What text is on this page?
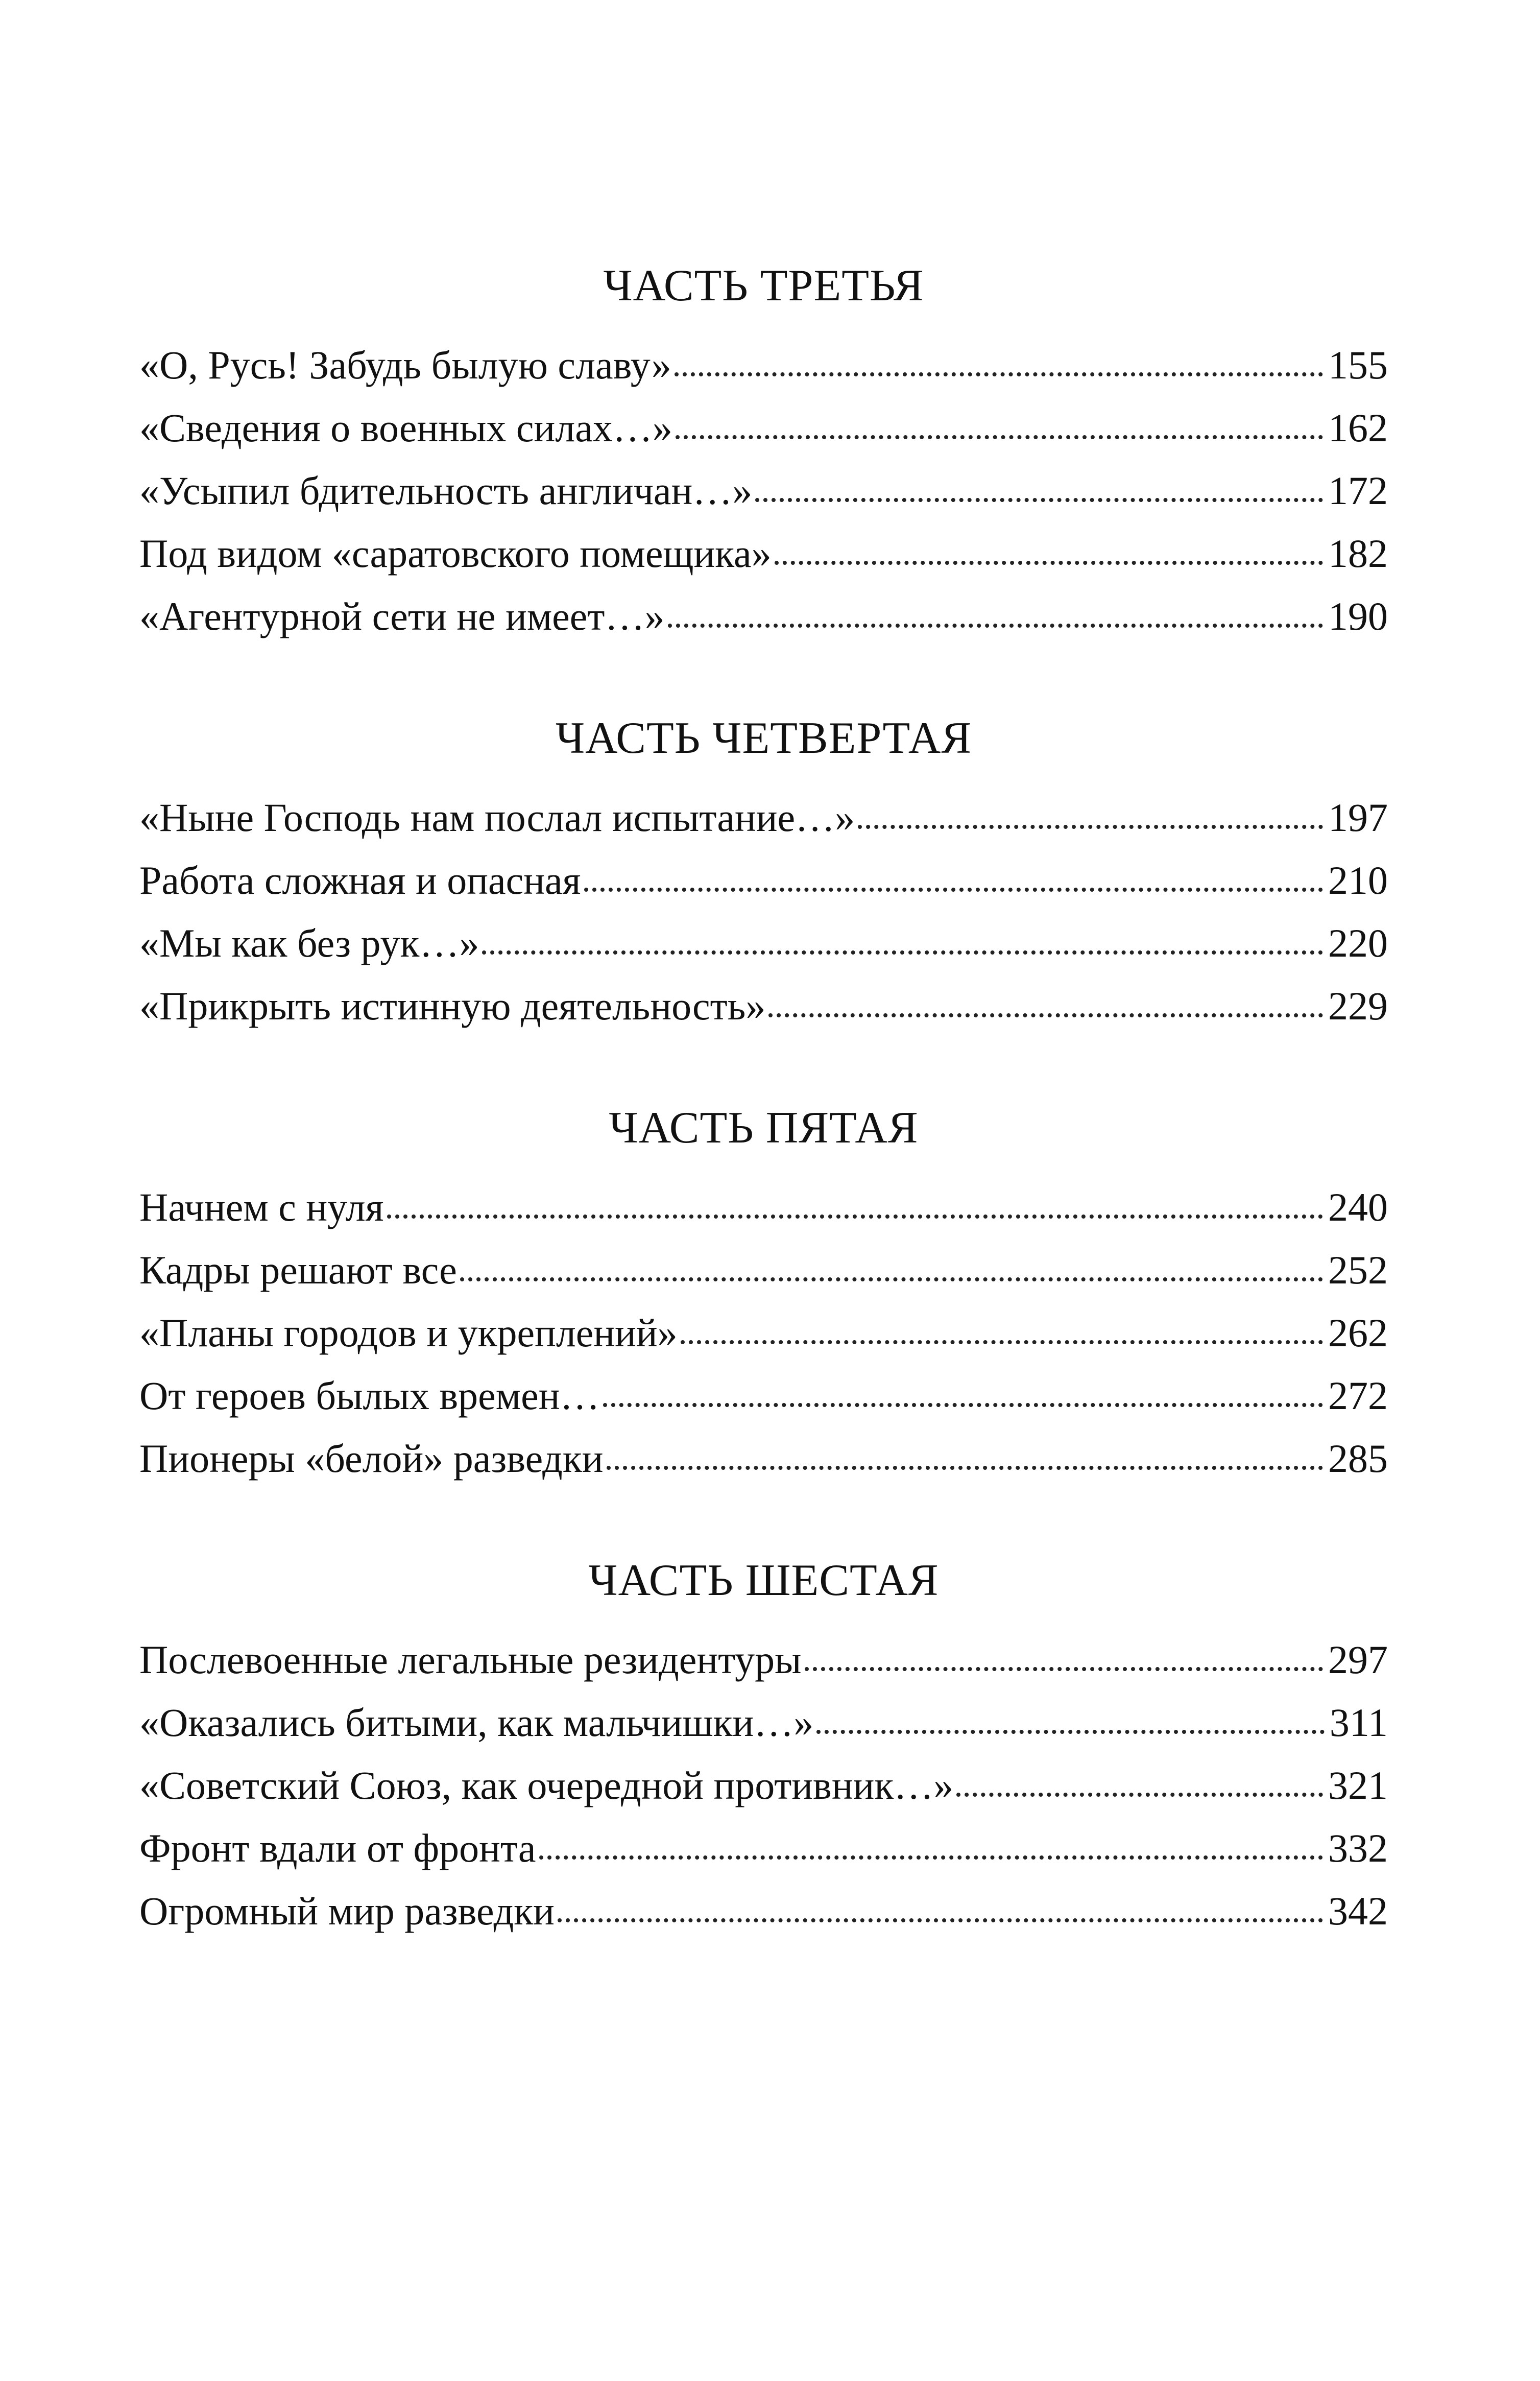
ЧАСТЬ ТРЕТЬЯ
«О, Русь! Забудь былую славу»	155
«Сведения о военных силах…»	162
«Усыпил бдительность англичан…»	172
Под видом «саратовского помещика»	182
«Агентурной сети не имеет…»	190
ЧАСТЬ ЧЕТВЕРТАЯ
«Ныне Господь нам послал испытание…»	197
Работа сложная и опасная	210
«Мы как без рук…»	220
«Прикрыть истинную деятельность»	229
ЧАСТЬ ПЯТАЯ
Начнем с нуля	240
Кадры решают все	252
«Планы городов и укреплений»	262
От героев былых времен…	272
Пионеры «белой» разведки	285
ЧАСТЬ ШЕСТАЯ
Послевоенные легальные резидентуры	297
«Оказались битыми, как мальчишки…»	311
«Советский Союз, как очередной противник…»	321
Фронт вдали от фронта	332
Огромный мир разведки	342
